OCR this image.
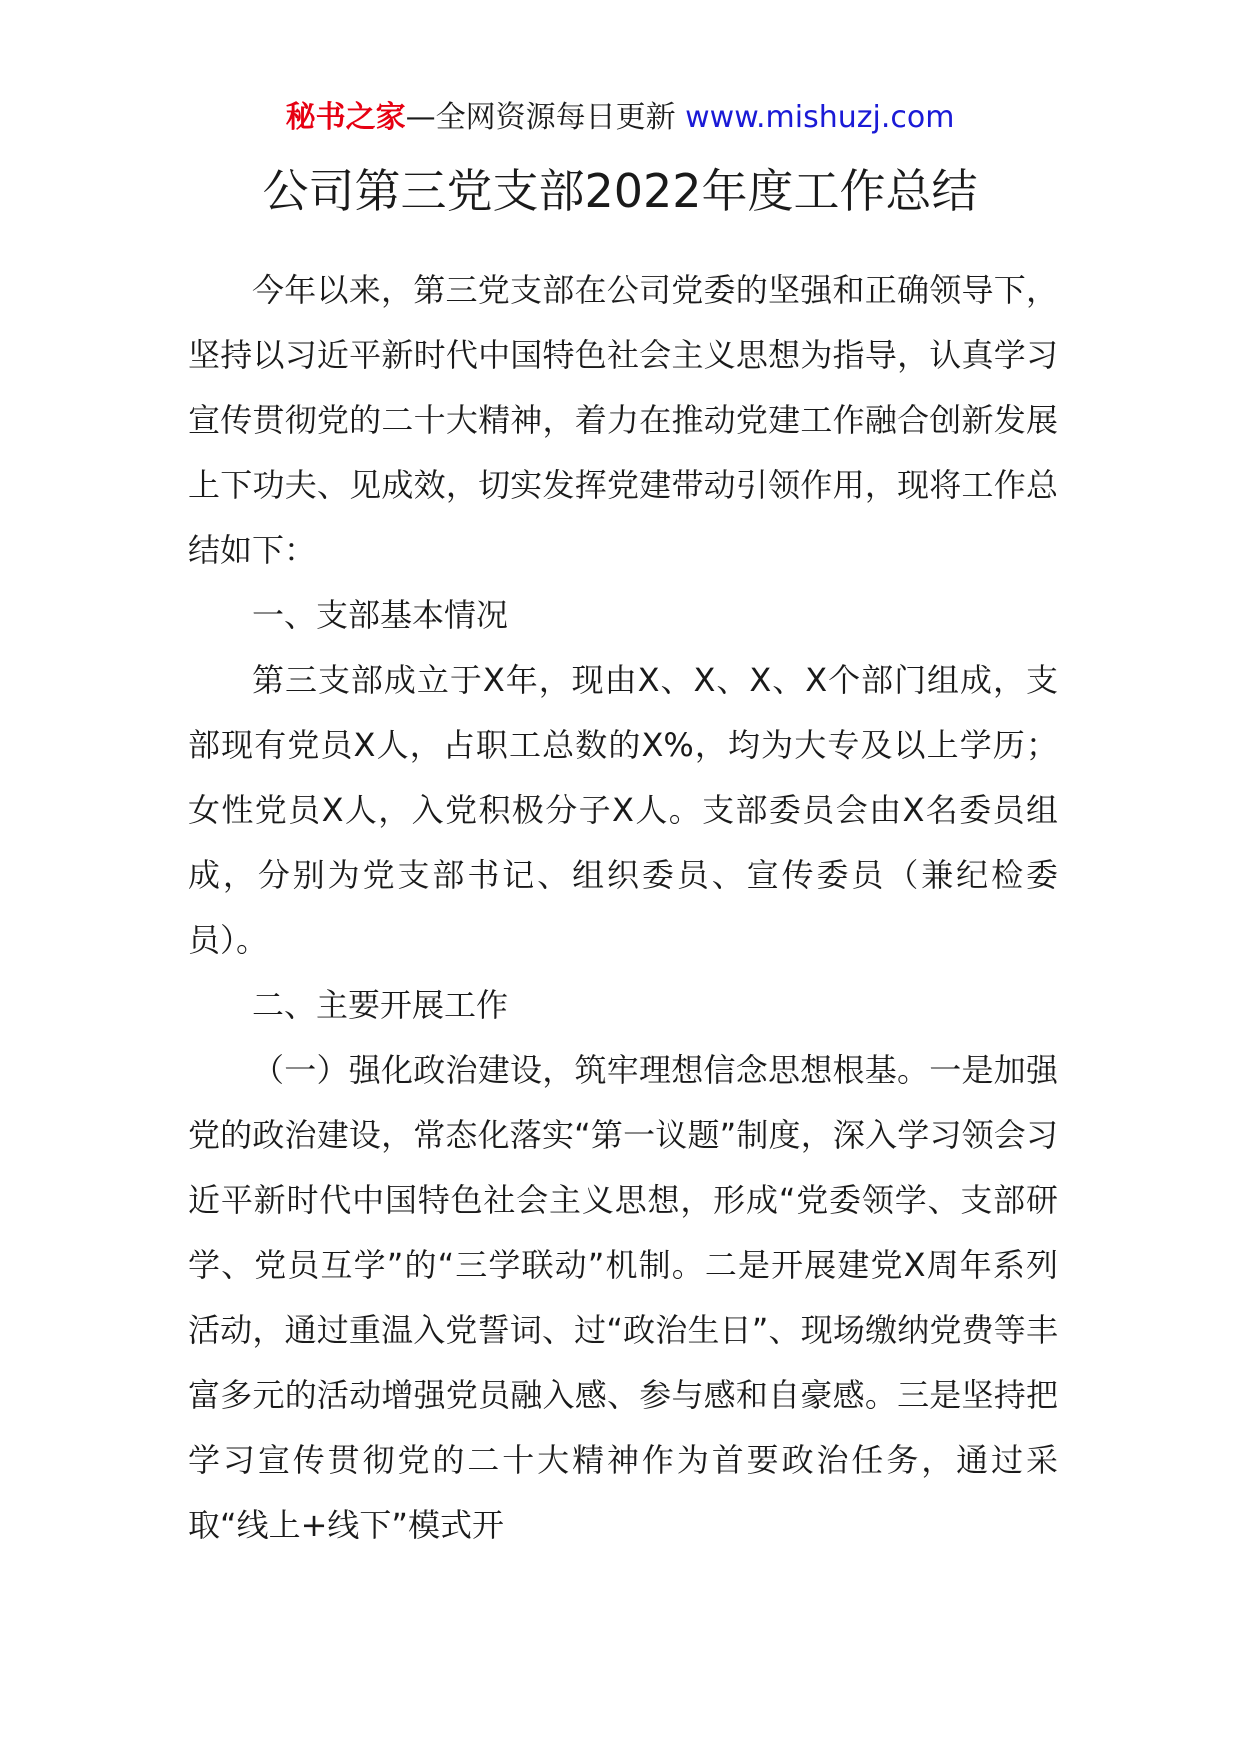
秘书之家—全网资源每日更新 www.mishuzj.com
公司第三党支部2022年度工作总结

今年以来，第三党支部在公司党委的坚强和正确领导下，坚持以习近平新时代中国特色社会主义思想为指导，认真学习宣传贯彻党的二十大精神，着力在推动党建工作融合创新发展上下功夫、见成效，切实发挥党建带动引领作用，现将工作总结如下：

一、支部基本情况

第三支部成立于X年，现由X、X、X、X个部门组成，支部现有党员X人，占职工总数的X%，均为大专及以上学历；女性党员X人，入党积极分子X人。支部委员会由X名委员组成，分别为党支部书记、组织委员、宣传委员（兼纪检委员）。

二、主要开展工作

（一）强化政治建设，筑牢理想信念思想根基。一是加强党的政治建设，常态化落实“第一议题”制度，深入学习领会习近平新时代中国特色社会主义思想，形成“党委领学、支部研学、党员互学”的“三学联动”机制。二是开展建党X周年系列活动，通过重温入党誓词、过“政治生日”、现场缴纳党费等丰富多元的活动增强党员融入感、参与感和自豪感。三是坚持把学习宣传贯彻党的二十大精神作为首要政治任务，通过采取“线上+线下”模式开
